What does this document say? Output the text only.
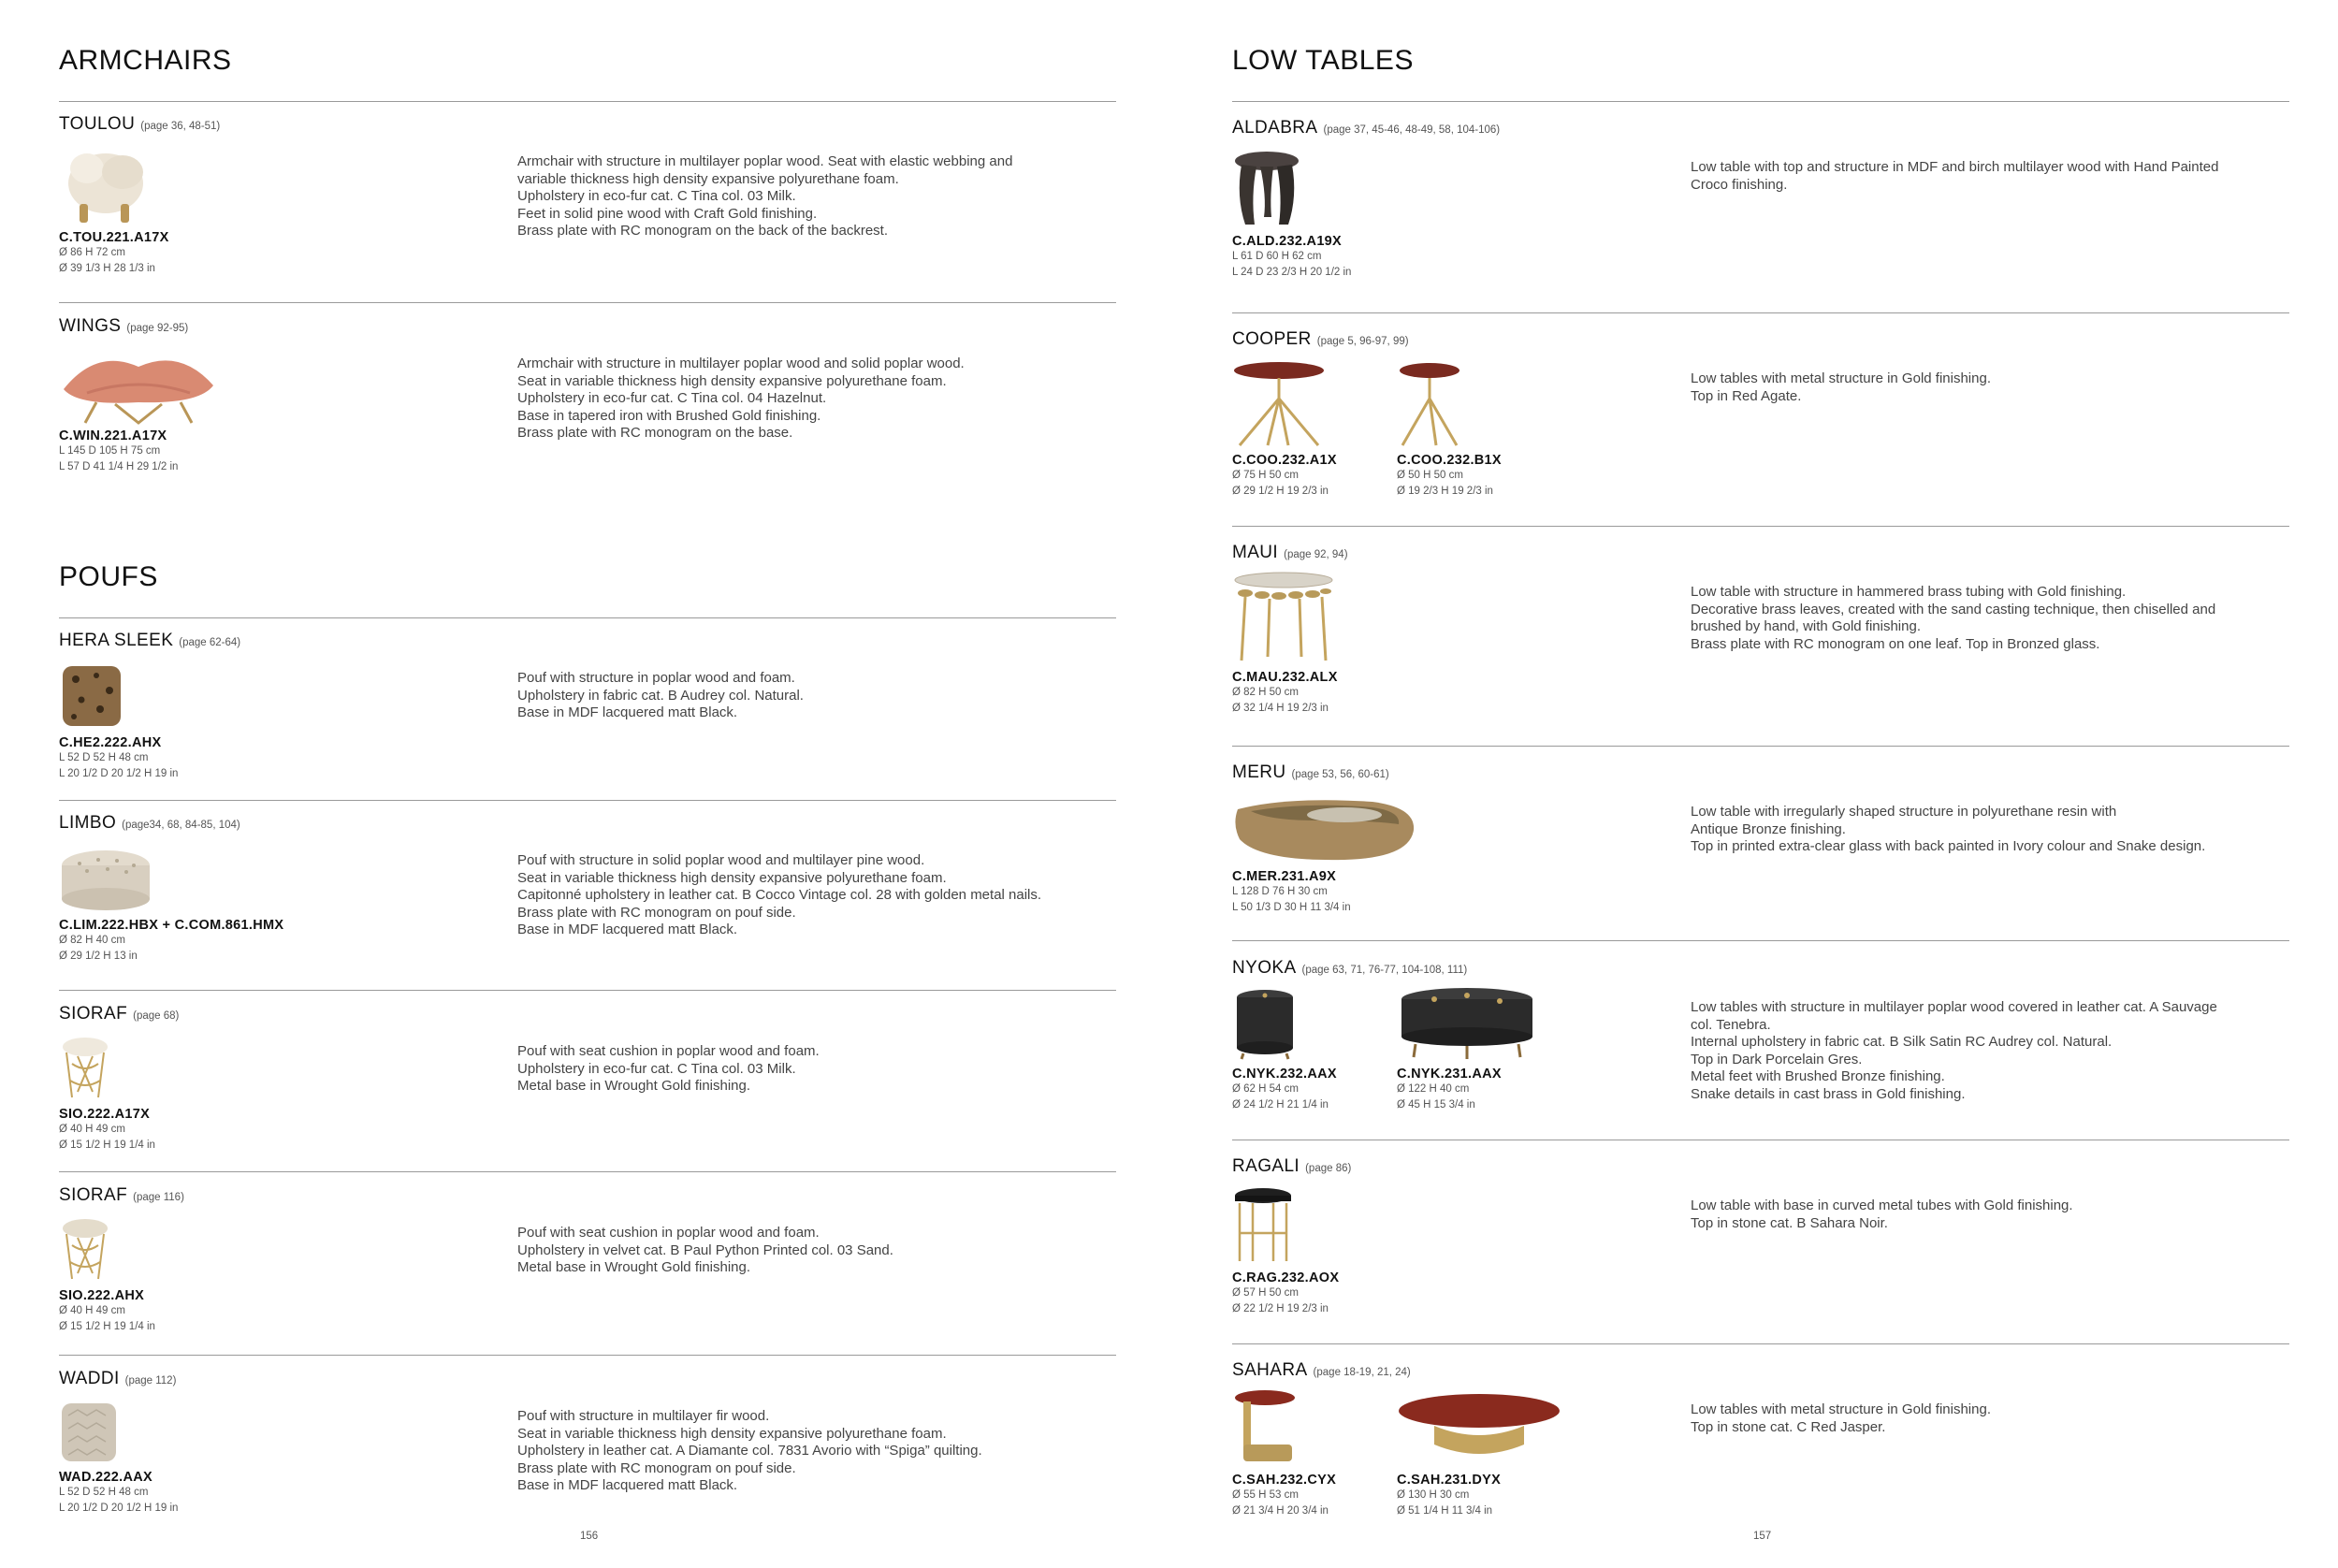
ARMCHAIRS
TOULOU (page 36, 48-51)
C.TOU.221.A17X
Ø 86 H 72 cm
Ø 39 1/3 H 28 1/3 in
Armchair with structure in multilayer poplar wood. Seat with elastic webbing and
variable thickness high density expansive polyurethane foam.
Upholstery in eco-fur cat. C Tina col. 03 Milk.
Feet in solid pine wood with Craft Gold finishing.
Brass plate with RC monogram on the back of the backrest.
WINGS (page 92-95)
C.WIN.221.A17X
L 145 D 105 H 75 cm
L 57 D 41 1/4 H 29 1/2 in
Armchair with structure in multilayer poplar wood and solid poplar wood.
Seat in variable thickness high density expansive polyurethane foam.
Upholstery in eco-fur cat. C Tina col. 04 Hazelnut.
Base in tapered iron with Brushed Gold finishing.
Brass plate with RC monogram on the base.
POUFS
HERA SLEEK (page 62-64)
C.HE2.222.AHX
L 52 D 52 H 48 cm
L 20 1/2 D 20 1/2 H 19 in
Pouf with structure in poplar wood and foam.
Upholstery in fabric cat. B Audrey col. Natural.
Base in MDF lacquered matt Black.
LIMBO (page34, 68, 84-85, 104)
C.LIM.222.HBX + C.COM.861.HMX
Ø 82 H 40 cm
Ø 29 1/2 H 13 in
Pouf with structure in solid poplar wood and multilayer pine wood.
Seat in variable thickness high density expansive polyurethane foam.
Capitonné upholstery in leather cat. B Cocco Vintage col. 28 with golden metal nails.
Brass plate with RC monogram on pouf side.
Base in MDF lacquered matt Black.
SIORAF (page 68)
SIO.222.A17X
Ø 40 H 49 cm
Ø 15 1/2 H 19 1/4 in
Pouf with seat cushion in poplar wood and foam.
Upholstery in eco-fur cat. C Tina col. 03 Milk.
Metal base in Wrought Gold finishing.
SIORAF (page 116)
SIO.222.AHX
Ø 40 H 49 cm
Ø 15 1/2 H 19 1/4 in
Pouf with seat cushion in poplar wood and foam.
Upholstery in velvet cat. B Paul Python Printed col. 03 Sand.
Metal base in Wrought Gold finishing.
WADDI (page 112)
WAD.222.AAX
L 52 D 52 H 48 cm
L 20 1/2 D 20 1/2 H 19 in
Pouf with structure in multilayer fir wood.
Seat in variable thickness high density expansive polyurethane foam.
Upholstery in leather cat. A Diamante col. 7831 Avorio with “Spiga” quilting.
Brass plate with RC monogram on pouf side.
Base in MDF lacquered matt Black.
156
LOW TABLES
ALDABRA (page 37, 45-46, 48-49, 58, 104-106)
C.ALD.232.A19X
L 61 D 60 H 62 cm
L 24 D 23 2/3 H 20 1/2 in
Low table with top and structure in MDF and birch multilayer wood with Hand Painted
Croco finishing.
COOPER (page 5, 96-97, 99)
C.COO.232.A1X
Ø 75 H 50 cm
Ø 29 1/2 H 19 2/3 in
C.COO.232.B1X
Ø 50 H 50 cm
Ø 19 2/3 H 19 2/3 in
Low tables with metal structure in Gold finishing.
Top in Red Agate.
MAUI (page 92, 94)
C.MAU.232.ALX
Ø 82 H 50 cm
Ø 32 1/4 H 19 2/3 in
Low table with structure in hammered brass tubing with Gold finishing.
Decorative brass leaves, created with the sand casting technique, then chiselled and
brushed by hand, with Gold finishing.
Brass plate with RC monogram on one leaf. Top in Bronzed glass.
MERU (page 53, 56, 60-61)
C.MER.231.A9X
L 128 D 76 H 30 cm
L 50 1/3 D 30 H 11 3/4 in
Low table with irregularly shaped structure in polyurethane resin with
Antique Bronze finishing.
Top in printed extra-clear glass with back painted in Ivory colour and Snake design.
NYOKA (page 63, 71, 76-77, 104-108, 111)
C.NYK.232.AAX
Ø 62 H 54 cm
Ø 24 1/2 H 21 1/4 in
C.NYK.231.AAX
Ø 122 H 40 cm
Ø 45 H 15 3/4 in
Low tables with structure in multilayer poplar wood covered in leather cat. A Sauvage
col. Tenebra.
Internal upholstery in fabric cat. B Silk Satin RC Audrey col. Natural.
Top in Dark Porcelain Gres.
Metal feet with Brushed Bronze finishing.
Snake details in cast brass in Gold finishing.
RAGALI (page 86)
C.RAG.232.AOX
Ø 57 H 50 cm
Ø 22 1/2 H 19 2/3 in
Low table with base in curved metal tubes with Gold finishing.
Top in stone cat. B Sahara Noir.
SAHARA (page 18-19, 21, 24)
C.SAH.232.CYX
Ø 55 H 53 cm
Ø 21 3/4 H 20 3/4 in
C.SAH.231.DYX
Ø 130 H 30 cm
Ø 51 1/4 H 11 3/4 in
Low tables with metal structure in Gold finishing.
Top in stone cat. C Red Jasper.
157
